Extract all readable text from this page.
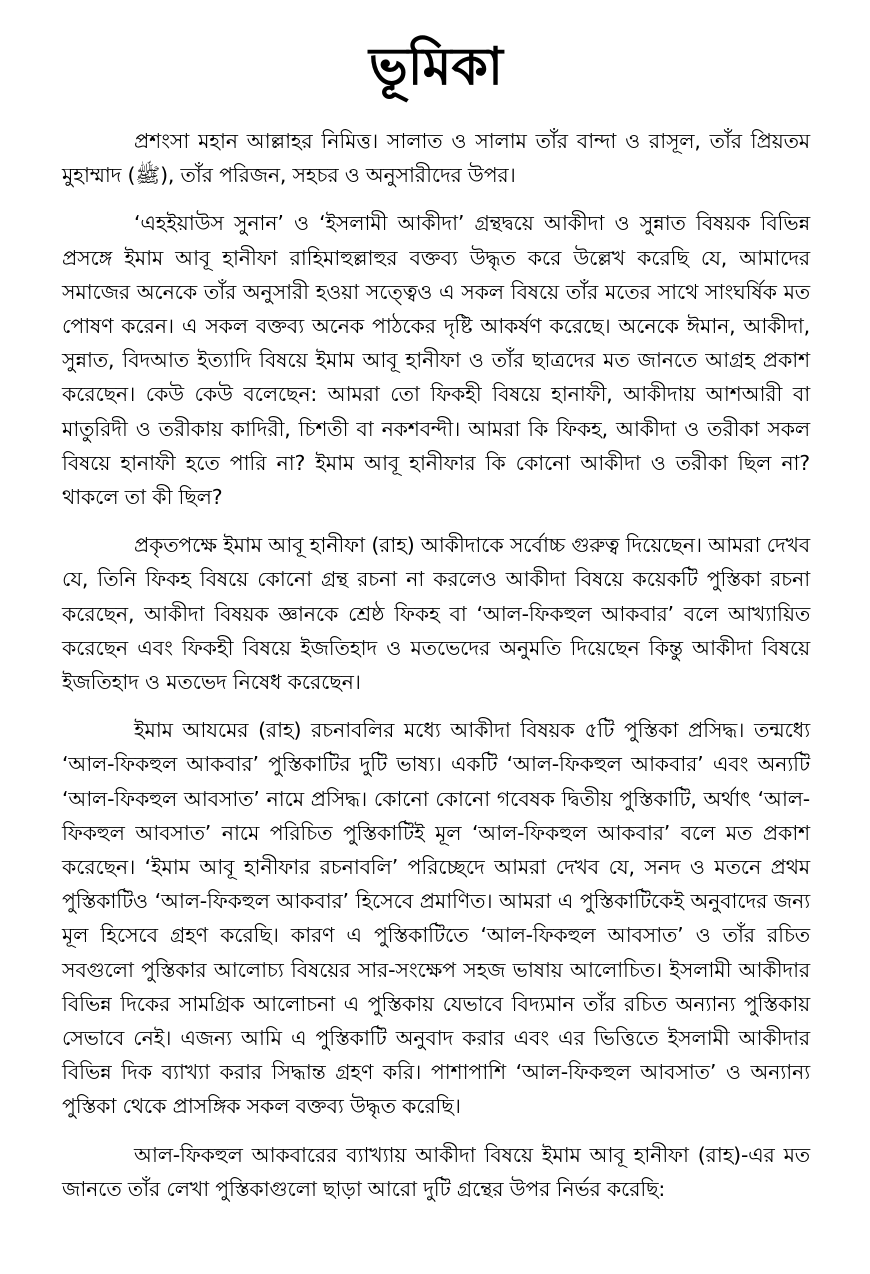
ভূমিকা

প্রশংসা মহান আল্লাহর নিমিত্ত। সালাত ও সালাম তাঁর বান্দা ও রাসূল, তাঁর প্রিয়তম মুহাম্মাদ (ﷺ), তাঁর পরিজন, সহচর ও অনুসারীদের উপর।

‘এহইয়াউস সুনান’ ও ‘ইসলামী আকীদা’ গ্রন্থদ্বয়ে আকীদা ও সুন্নাত বিষয়ক বিভিন্ন প্রসঙ্গে ইমাম আবূ হানীফা রাহিমাহুল্লাহুর বক্তব্য উদ্ধৃত করে উল্লেখ করেছি যে, আমাদের সমাজের অনেকে তাঁর অনুসারী হওয়া সত্ত্বেও এ সকল বিষয়ে তাঁর মতের সাথে সাংঘর্ষিক মত পোষণ করেন। এ সকল বক্তব্য অনেক পাঠকের দৃষ্টি আকর্ষণ করেছে। অনেকে ঈমান, আকীদা, সুন্নাত, বিদআত ইত্যাদি বিষয়ে ইমাম আবূ হানীফা ও তাঁর ছাত্রদের মত জানতে আগ্রহ প্রকাশ করেছেন। কেউ কেউ বলেছেন: আমরা তো ফিকহী বিষয়ে হানাফী, আকীদায় আশআরী বা মাতুরিদী ও তরীকায় কাদিরী, চিশতী বা নকশবন্দী। আমরা কি ফিকহ, আকীদা ও তরীকা সকল বিষয়ে হানাফী হতে পারি না? ইমাম আবূ হানীফার কি কোনো আকীদা ও তরীকা ছিল না? থাকলে তা কী ছিল?

প্রকৃতপক্ষে ইমাম আবূ হানীফা (রাহ) আকীদাকে সর্বোচ্চ গুরুত্ব দিয়েছেন। আমরা দেখব যে, তিনি ফিকহ বিষয়ে কোনো গ্রন্থ রচনা না করলেও আকীদা বিষয়ে কয়েকটি পুস্তিকা রচনা করেছেন, আকীদা বিষয়ক জ্ঞানকে শ্রেষ্ঠ ফিকহ বা ‘আল-ফিকহুল আকবার’ বলে আখ্যায়িত করেছেন এবং ফিকহী বিষয়ে ইজতিহাদ ও মতভেদের অনুমতি দিয়েছেন কিন্তু আকীদা বিষয়ে ইজতিহাদ ও মতভেদ নিষেধ করেছেন।

ইমাম আযমের (রাহ) রচনাবলির মধ্যে আকীদা বিষয়ক ৫টি পুস্তিকা প্রসিদ্ধ। তন্মধ্যে ‘আল-ফিকহুল আকবার’ পুস্তিকাটির দুটি ভাষ্য। একটি ‘আল-ফিকহুল আকবার’ এবং অন্যটি ‘আল-ফিকহুল আবসাত’ নামে প্রসিদ্ধ। কোনো কোনো গবেষক দ্বিতীয় পুস্তিকাটি, অর্থাৎ ‘আল-ফিকহুল আবসাত’ নামে পরিচিত পুস্তিকাটিই মূল ‘আল-ফিকহুল আকবার’ বলে মত প্রকাশ করেছেন। ‘ইমাম আবূ হানীফার রচনাবলি’ পরিচ্ছেদে আমরা দেখব যে, সনদ ও মতনে প্রথম পুস্তিকাটিও ‘আল-ফিকহুল আকবার’ হিসেবে প্রমাণিত। আমরা এ পুস্তিকাটিকেই অনুবাদের জন্য মূল হিসেবে গ্রহণ করেছি। কারণ এ পুস্তিকাটিতে ‘আল-ফিকহুল আবসাত’ ও তাঁর রচিত সবগুলো পুস্তিকার আলোচ্য বিষয়ের সার-সংক্ষেপ সহজ ভাষায় আলোচিত। ইসলামী আকীদার বিভিন্ন দিকের সামগ্রিক আলোচনা এ পুস্তিকায় যেভাবে বিদ্যমান তাঁর রচিত অন্যান্য পুস্তিকায় সেভাবে নেই। এজন্য আমি এ পুস্তিকাটি অনুবাদ করার এবং এর ভিত্তিতে ইসলামী আকীদার বিভিন্ন দিক ব্যাখ্যা করার সিদ্ধান্ত গ্রহণ করি। পাশাপাশি ‘আল-ফিকহুল আবসাত’ ও অন্যান্য পুস্তিকা থেকে প্রাসঙ্গিক সকল বক্তব্য উদ্ধৃত করেছি।

আল-ফিকহুল আকবারের ব্যাখ্যায় আকীদা বিষয়ে ইমাম আবূ হানীফা (রাহ)-এর মত জানতে তাঁর লেখা পুস্তিকাগুলো ছাড়া আরো দুটি গ্রন্থের উপর নির্ভর করেছি:
